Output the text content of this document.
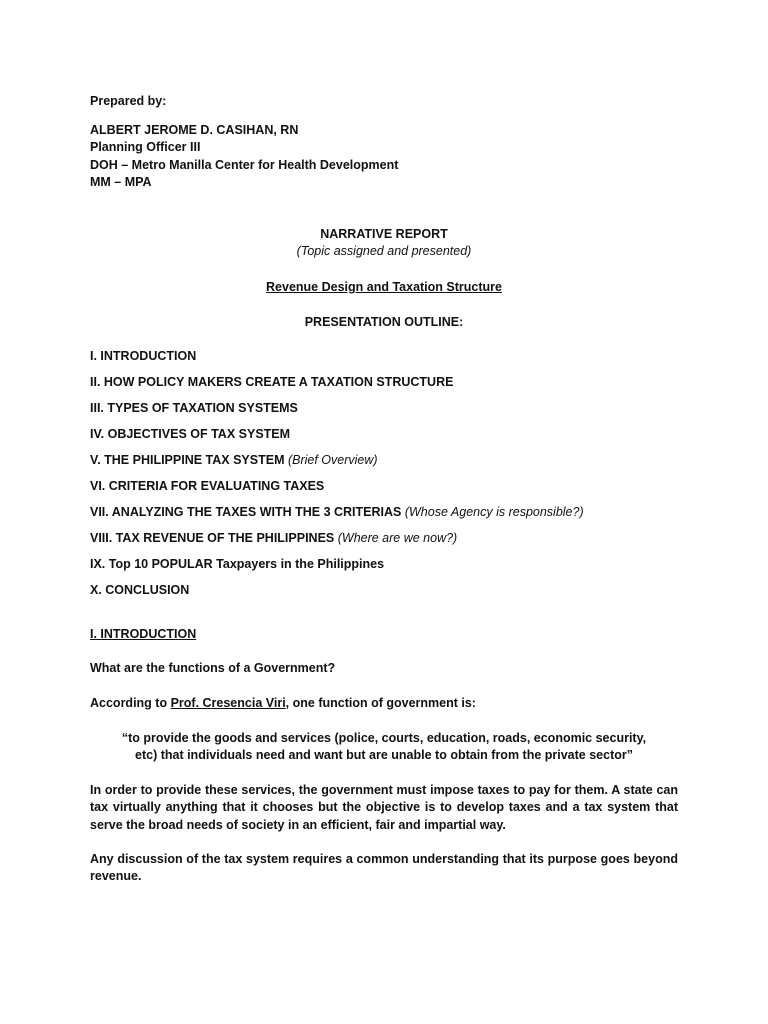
Prepared by:
ALBERT JEROME D. CASIHAN, RN
Planning Officer III
DOH – Metro Manilla Center for Health Development
MM – MPA
NARRATIVE REPORT
(Topic assigned and presented)
Revenue Design and Taxation Structure
PRESENTATION OUTLINE:
I. INTRODUCTION
II. HOW POLICY MAKERS CREATE A TAXATION STRUCTURE
III. TYPES OF TAXATION SYSTEMS
IV. OBJECTIVES OF TAX SYSTEM
V. THE PHILIPPINE TAX SYSTEM (Brief Overview)
VI. CRITERIA FOR EVALUATING TAXES
VII. ANALYZING THE TAXES WITH THE 3 CRITERIAS (Whose Agency is responsible?)
VIII. TAX REVENUE OF THE PHILIPPINES (Where are we now?)
IX. Top 10 POPULAR Taxpayers in the Philippines
X. CONCLUSION
I. INTRODUCTION
What are the functions of a Government?
According to Prof. Cresencia Viri, one function of government is:
“to provide the goods and services (police, courts, education, roads, economic security, etc) that individuals need and want but are unable to obtain from the private sector”
In order to provide these services, the government must impose taxes to pay for them. A state can tax virtually anything that it chooses but the objective is to develop taxes and a tax system that serve the broad needs of society in an efficient, fair and impartial way.
Any discussion of the tax system requires a common understanding that its purpose goes beyond revenue.
